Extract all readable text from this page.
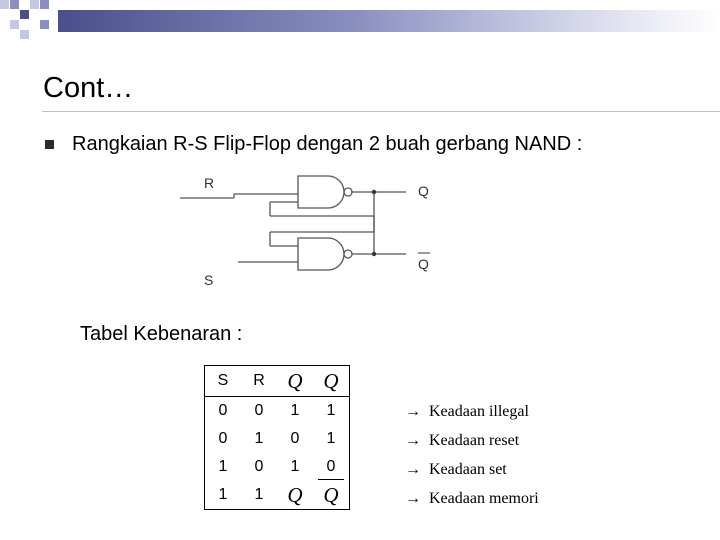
Cont…
Rangkaian R-S Flip-Flop dengan 2 buah gerbang NAND :
R
S
Q
Q
Tabel Kebenaran :
S	R	Q	Q
0	0	1	1
0	1	0	1
1	0	1	0
1	1	Q	Q
→ Keadaan illegal
→ Keadaan reset
→ Keadaan set
→ Keadaan memori
